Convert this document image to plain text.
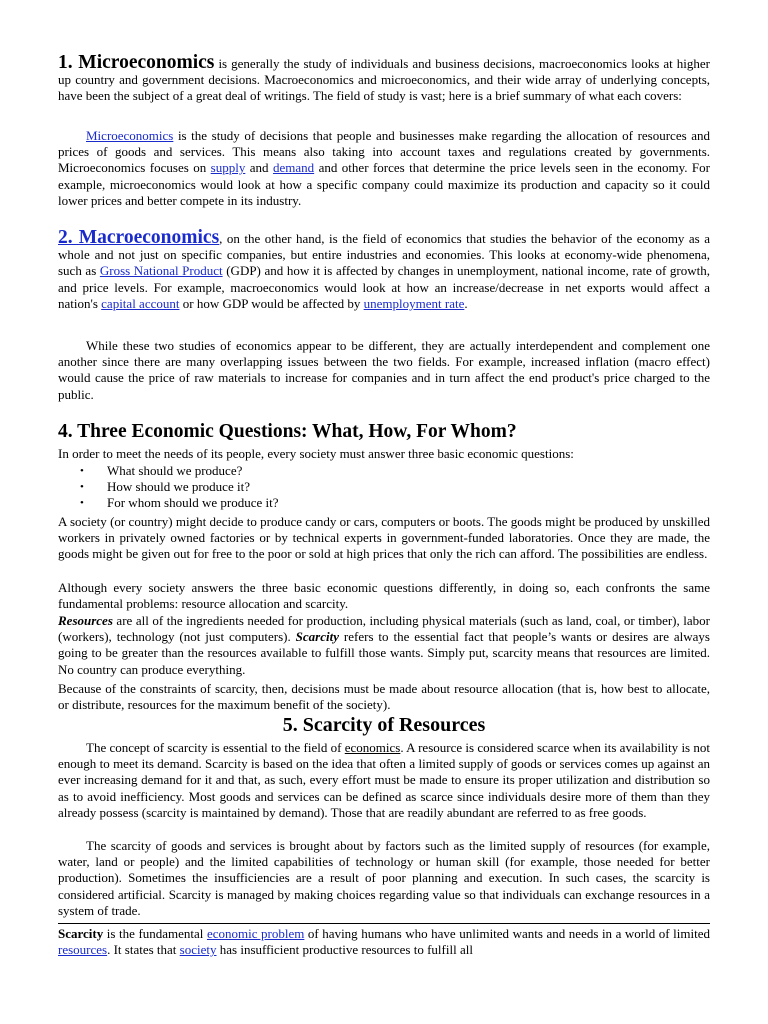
1. Microeconomics is generally the study of individuals and business decisions, macroeconomics looks at higher up country and government decisions. Macroeconomics and microeconomics, and their wide array of underlying concepts, have been the subject of a great deal of writings. The field of study is vast; here is a brief summary of what each covers:

Microeconomics is the study of decisions that people and businesses make regarding the allocation of resources and prices of goods and services. This means also taking into account taxes and regulations created by governments. Microeconomics focuses on supply and demand and other forces that determine the price levels seen in the economy. For example, microeconomics would look at how a specific company could maximize its production and capacity so it could lower prices and better compete in its industry.

2. Macroeconomics, on the other hand, is the field of economics that studies the behavior of the economy as a whole and not just on specific companies, but entire industries and economies. This looks at economy-wide phenomena, such as Gross National Product (GDP) and how it is affected by changes in unemployment, national income, rate of growth, and price levels. For example, macroeconomics would look at how an increase/decrease in net exports would affect a nation's capital account or how GDP would be affected by unemployment rate.

While these two studies of economics appear to be different, they are actually interdependent and complement one another since there are many overlapping issues between the two fields. For example, increased inflation (macro effect) would cause the price of raw materials to increase for companies and in turn affect the end product's price charged to the public.

4. Three Economic Questions: What, How, For Whom?

In order to meet the needs of its people, every society must answer three basic economic questions:

• What should we produce?
• How should we produce it?
• For whom should we produce it?

A society (or country) might decide to produce candy or cars, computers or boots. The goods might be produced by unskilled workers in privately owned factories or by technical experts in government-funded laboratories. Once they are made, the goods might be given out for free to the poor or sold at high prices that only the rich can afford. The possibilities are endless.

Although every society answers the three basic economic questions differently, in doing so, each confronts the same fundamental problems: resource allocation and scarcity.

Resources are all of the ingredients needed for production, including physical materials (such as land, coal, or timber), labor (workers), technology (not just computers). Scarcity refers to the essential fact that people’s wants or desires are always going to be greater than the resources available to fulfill those wants. Simply put, scarcity means that resources are limited. No country can produce everything.

Because of the constraints of scarcity, then, decisions must be made about resource allocation (that is, how best to allocate, or distribute, resources for the maximum benefit of the society).

5. Scarcity of Resources

The concept of scarcity is essential to the field of economics. A resource is considered scarce when its availability is not enough to meet its demand. Scarcity is based on the idea that often a limited supply of goods or services comes up against an ever increasing demand for it and that, as such, every effort must be made to ensure its proper utilization and distribution so as to avoid inefficiency. Most goods and services can be defined as scarce since individuals desire more of them than they already possess (scarcity is maintained by demand). Those that are readily abundant are referred to as free goods.

The scarcity of goods and services is brought about by factors such as the limited supply of resources (for example, water, land or people) and the limited capabilities of technology or human skill (for example, those needed for better production). Sometimes the insufficiencies are a result of poor planning and execution. In such cases, the scarcity is considered artificial. Scarcity is managed by making choices regarding value so that individuals can exchange resources in a system of trade.

Scarcity is the fundamental economic problem of having humans who have unlimited wants and needs in a world of limited resources. It states that society has insufficient productive resources to fulfill all
